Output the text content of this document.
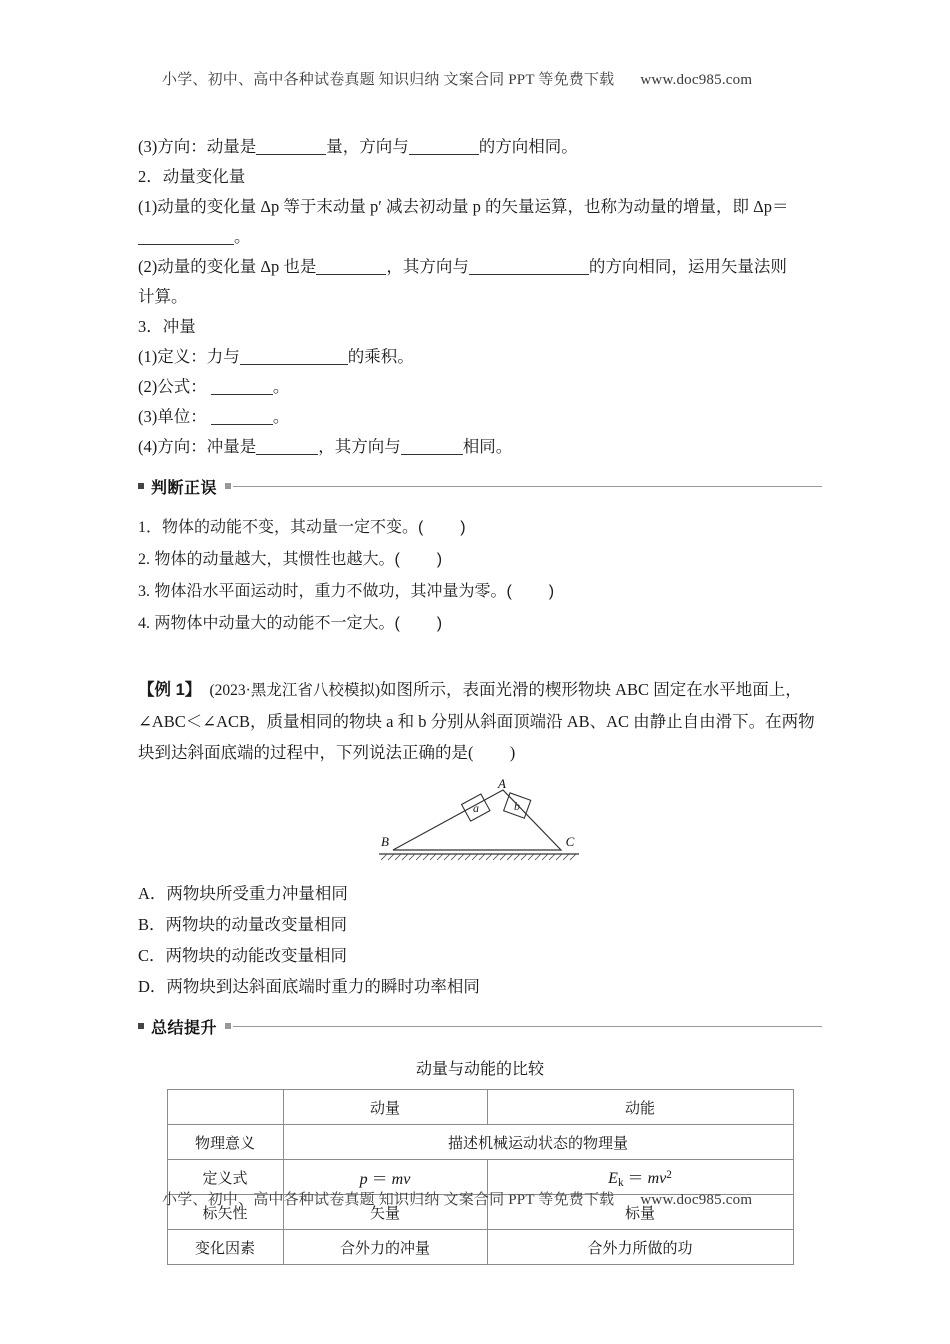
小学、初中、高中各种试卷真题 知识归纳 文案合同 PPT 等免费下载 www.doc985.com

(3)方向：动量是	量，方向与	的方向相同。

2．动量变化量

(1)动量的变化量 Δp 等于末动量 p′ 减去初动量 p 的矢量运算，也称为动量的增量，即 Δp＝

。

(2)动量的变化量 Δp 也是	，其方向与	的方向相同，运用矢量法则

计算。

3．冲量

(1)定义：力与	的乘积。

(2)公式：	。

(3)单位：	。

(4)方向：冲量是	，其方向与	相同。

判断正误

1．物体的动能不变，其动量一定不变。( )

2. 物体的动量越大，其惯性也越大。( )

3. 物体沿水平面运动时，重力不做功，其冲量为零。( )

4. 两物体中动量大的动能不一定大。( )

【例 1】 (2023·黑龙江省八校模拟)如图所示，表面光滑的楔形物块 ABC 固定在水平地面上，

∠ABC＜∠ACB，质量相同的物块 a 和 b 分别从斜面顶端沿 AB、AC 由静止自由滑下。在两物

块到达斜面底端的过程中，下列说法正确的是( )

a	b
A
B	C

A．两物块所受重力冲量相同

B．两物块的动量改变量相同

C．两物块的动能改变量相同

D．两物块到达斜面底端时重力的瞬时功率相同

总结提升
动量与动能的比较
	动量	动能
物理意义	描述机械运动状态的物理量	
定义式	p ＝ mv	$E_k = mv^2$
标矢性	矢量	标量
变化因素	合外力的冲量	合外力所做的功
小学、初中、高中各种试卷真题 知识归纳 文案合同 PPT 等免费下载 www.doc985.com
